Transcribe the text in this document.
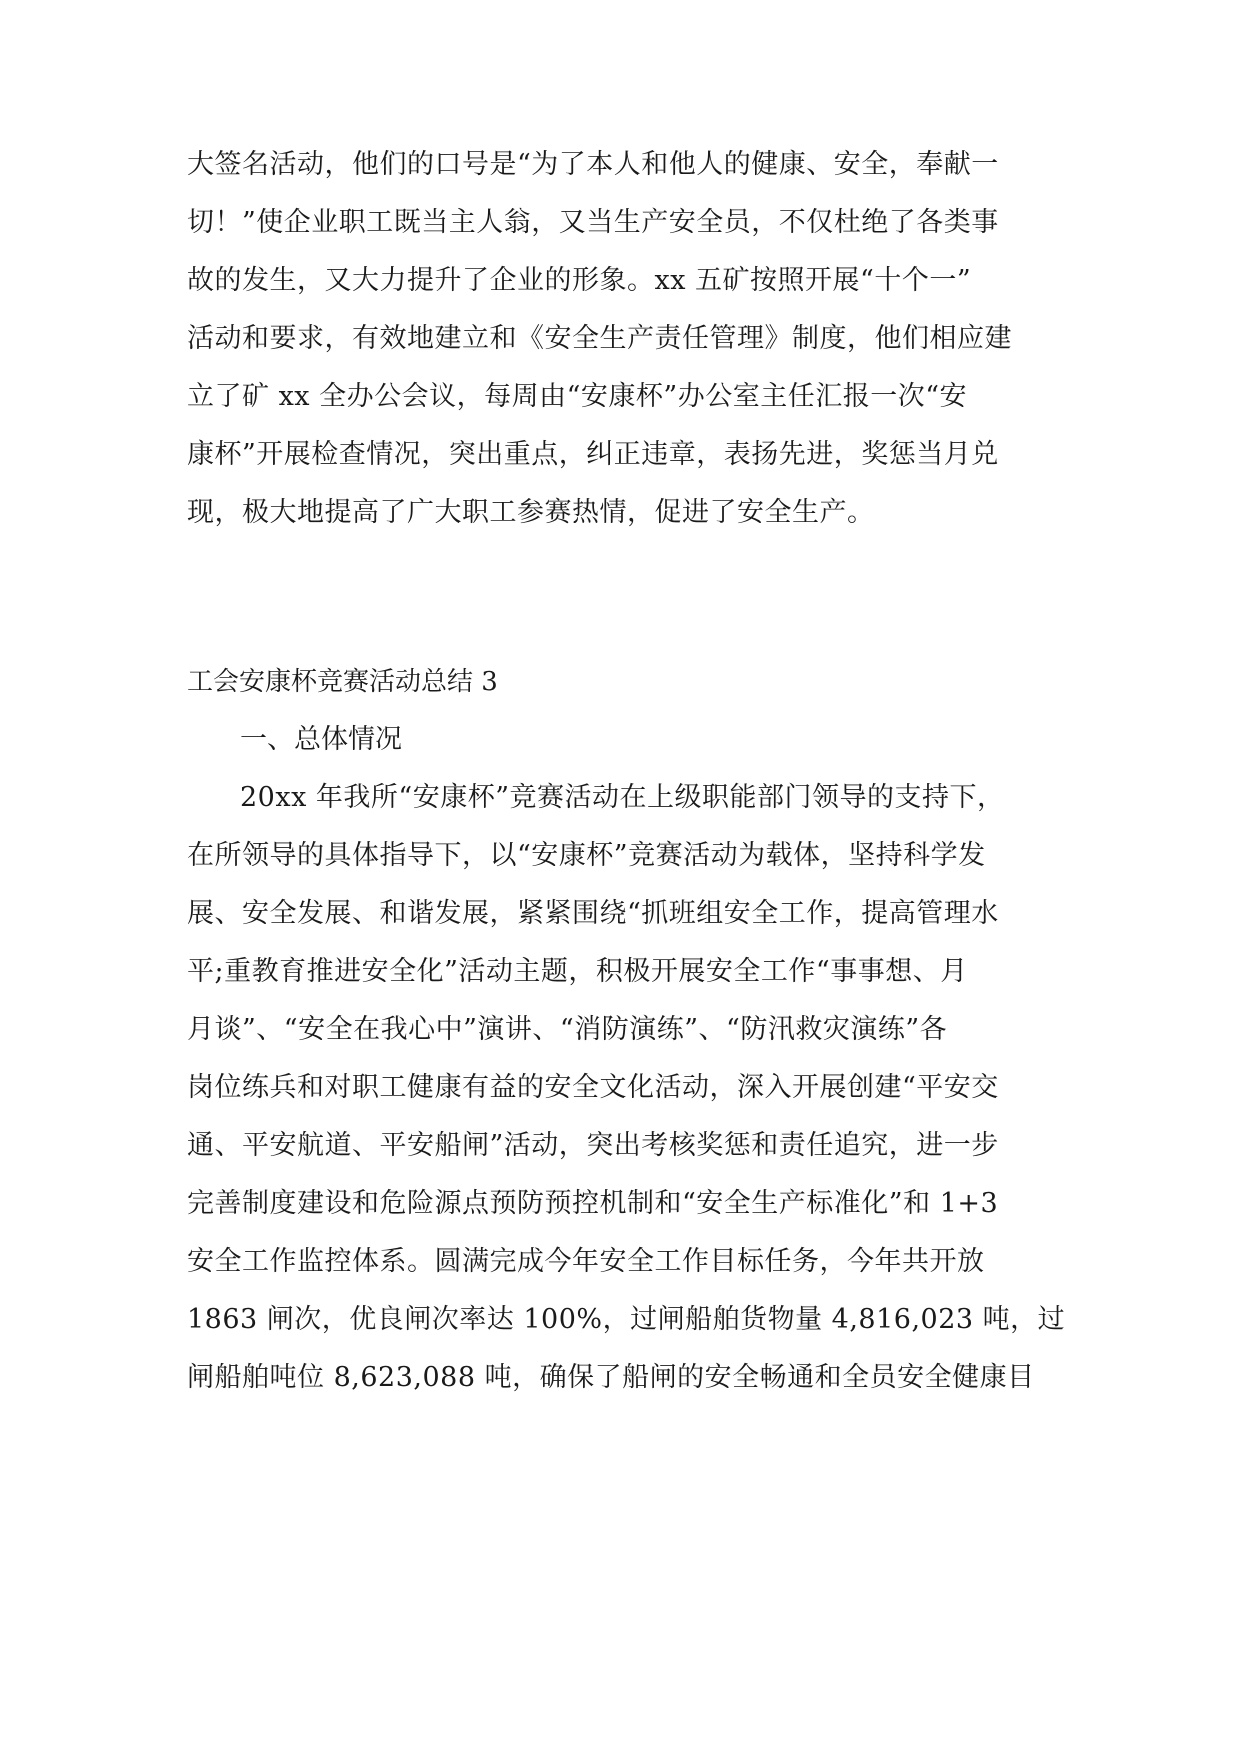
大签名活动，他们的口号是“为了本人和他人的健康、安全，奉献一
切！”使企业职工既当主人翁，又当生产安全员，不仅杜绝了各类事
故的发生，又大力提升了企业的形象。xx 五矿按照开展“十个一”
活动和要求，有效地建立和《安全生产责任管理》制度，他们相应建
立了矿 xx 全办公会议，每周由“安康杯”办公室主任汇报一次“安
康杯”开展检查情况，突出重点，纠正违章，表扬先进，奖惩当月兑
现，极大地提高了广大职工参赛热情，促进了安全生产。
工会安康杯竞赛活动总结 3
一、总体情况
20xx 年我所“安康杯”竞赛活动在上级职能部门领导的支持下，
在所领导的具体指导下，以“安康杯”竞赛活动为载体，坚持科学发
展、安全发展、和谐发展，紧紧围绕“抓班组安全工作，提高管理水
平;重教育推进安全化”活动主题，积极开展安全工作“事事想、月
月谈”、“安全在我心中”演讲、“消防演练”、“防汛救灾演练”各
岗位练兵和对职工健康有益的安全文化活动，深入开展创建“平安交
通、平安航道、平安船闸”活动，突出考核奖惩和责任追究，进一步
完善制度建设和危险源点预防预控机制和“安全生产标准化”和 1+3
安全工作监控体系。圆满完成今年安全工作目标任务，今年共开放
1863 闸次，优良闸次率达 100%，过闸船舶货物量 4,816,023 吨，过
闸船舶吨位 8,623,088 吨，确保了船闸的安全畅通和全员安全健康目
